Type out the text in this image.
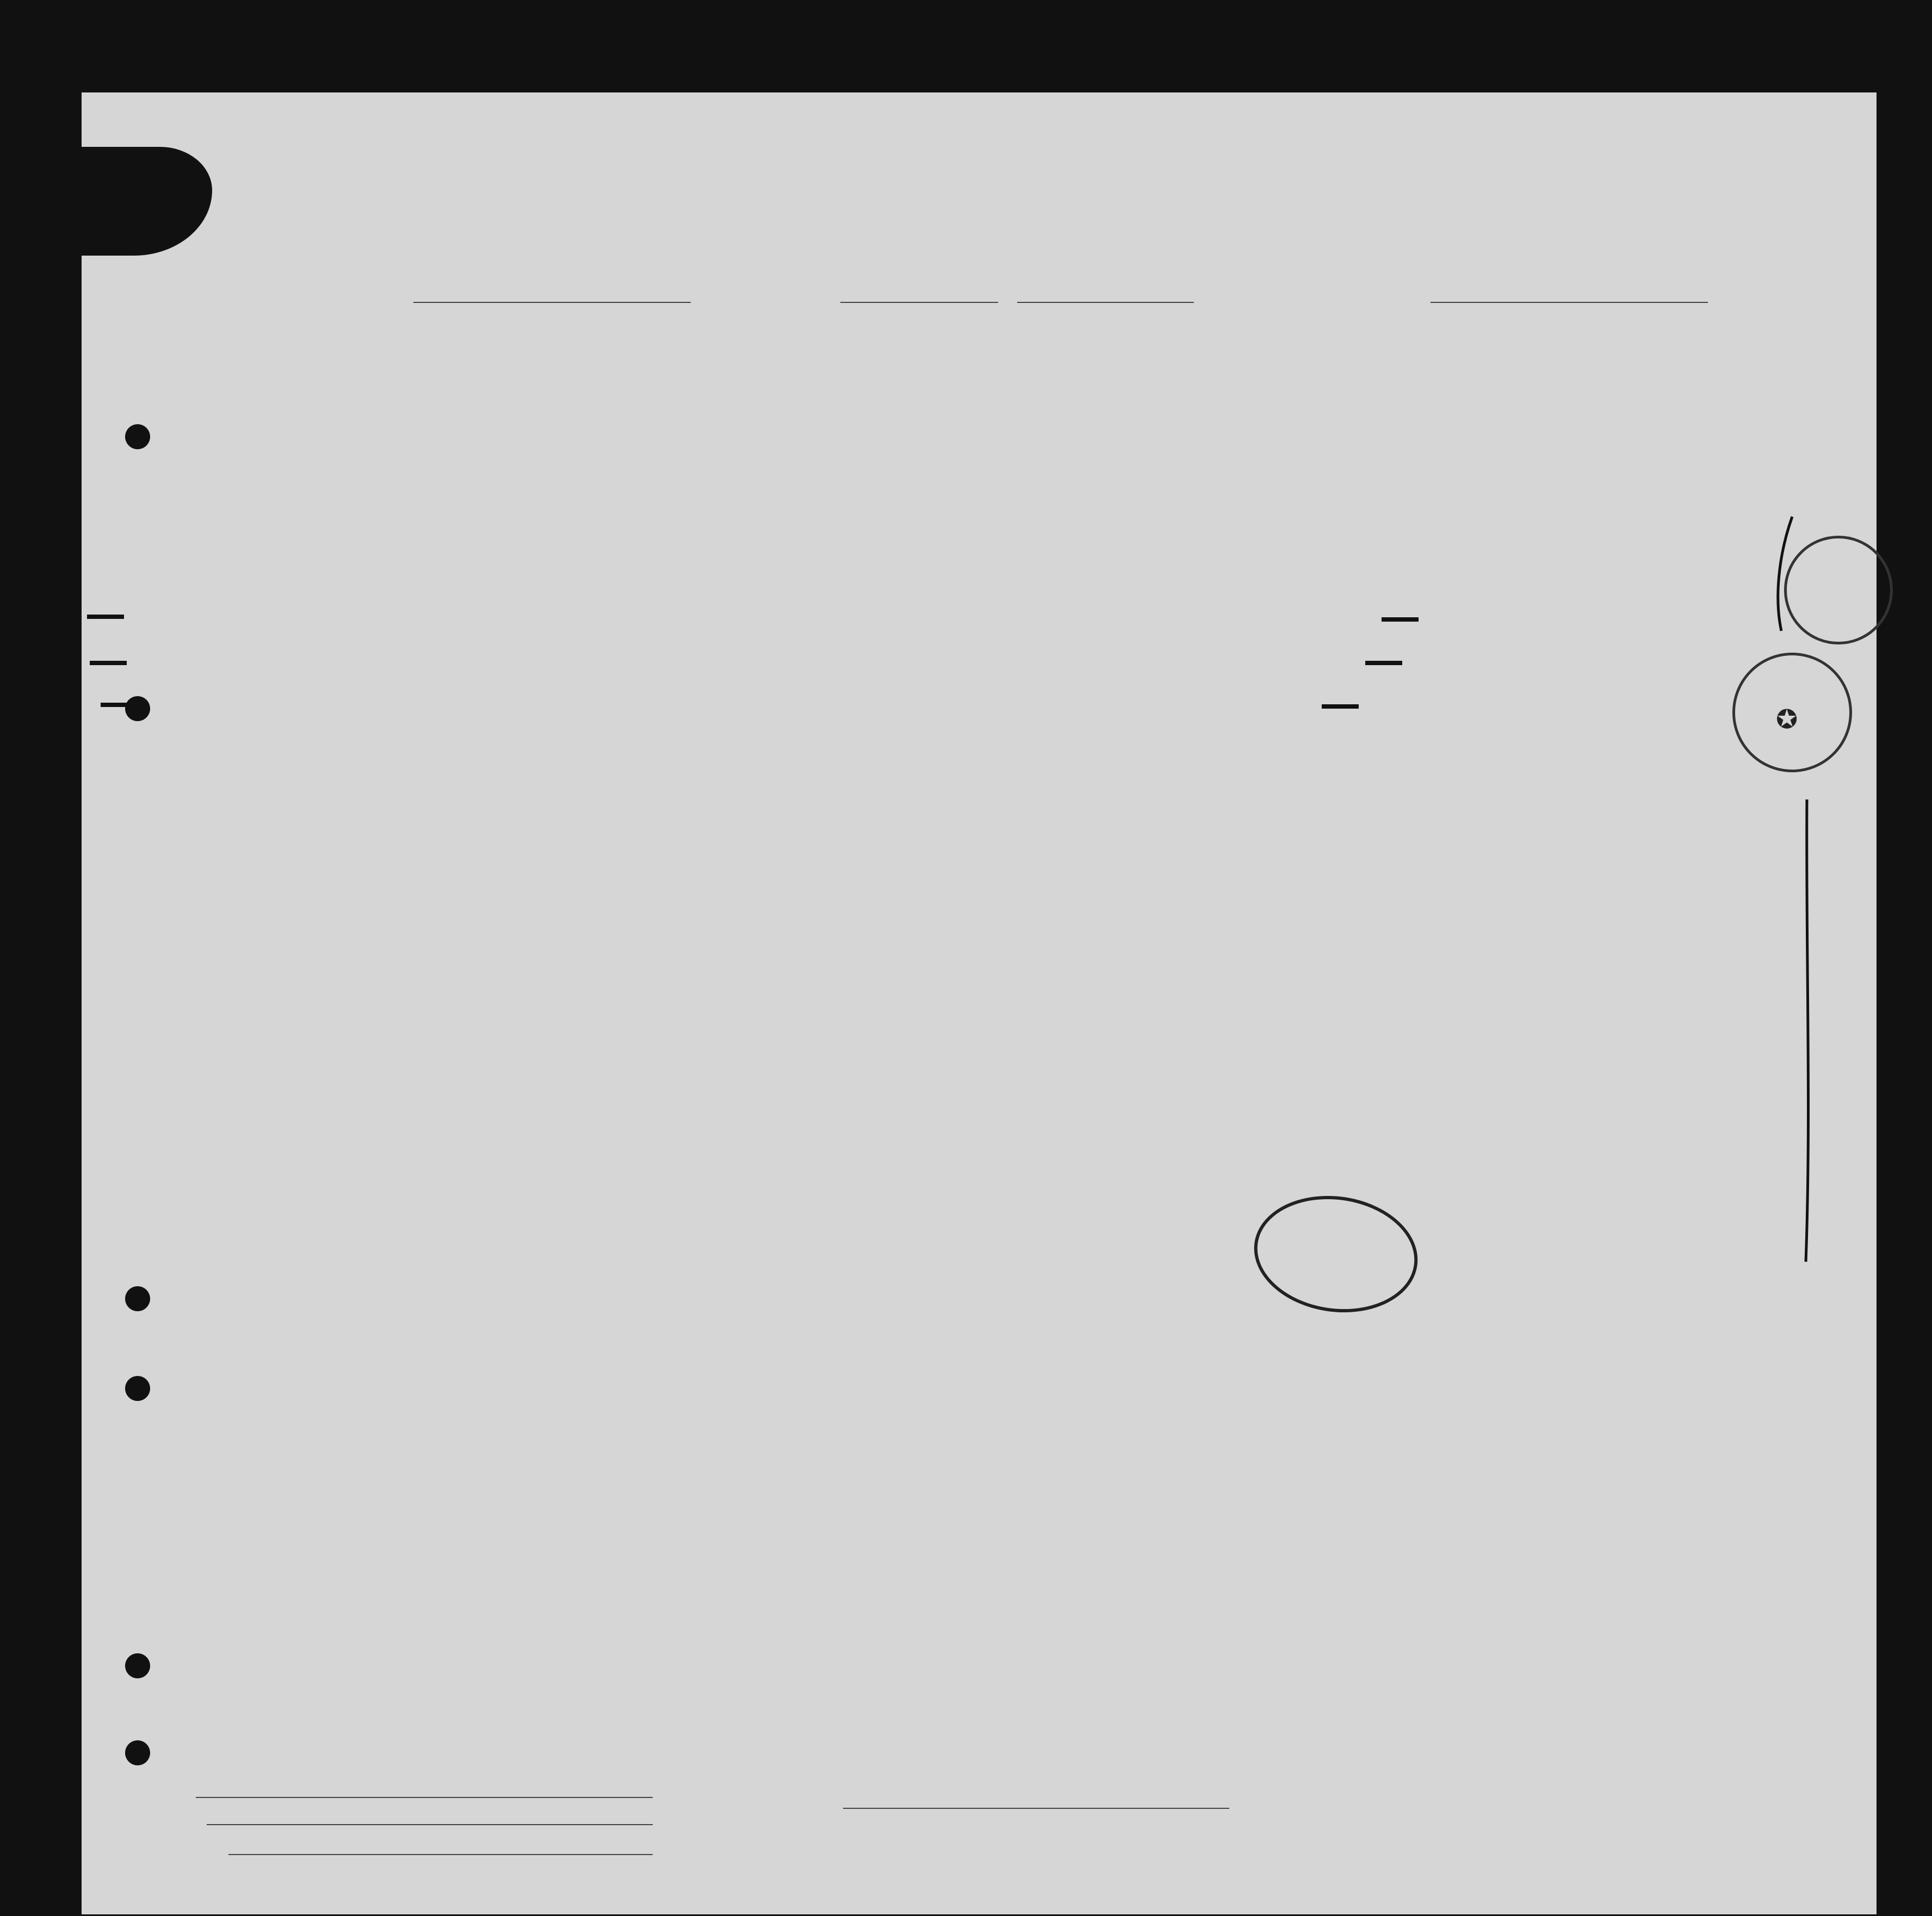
✪
